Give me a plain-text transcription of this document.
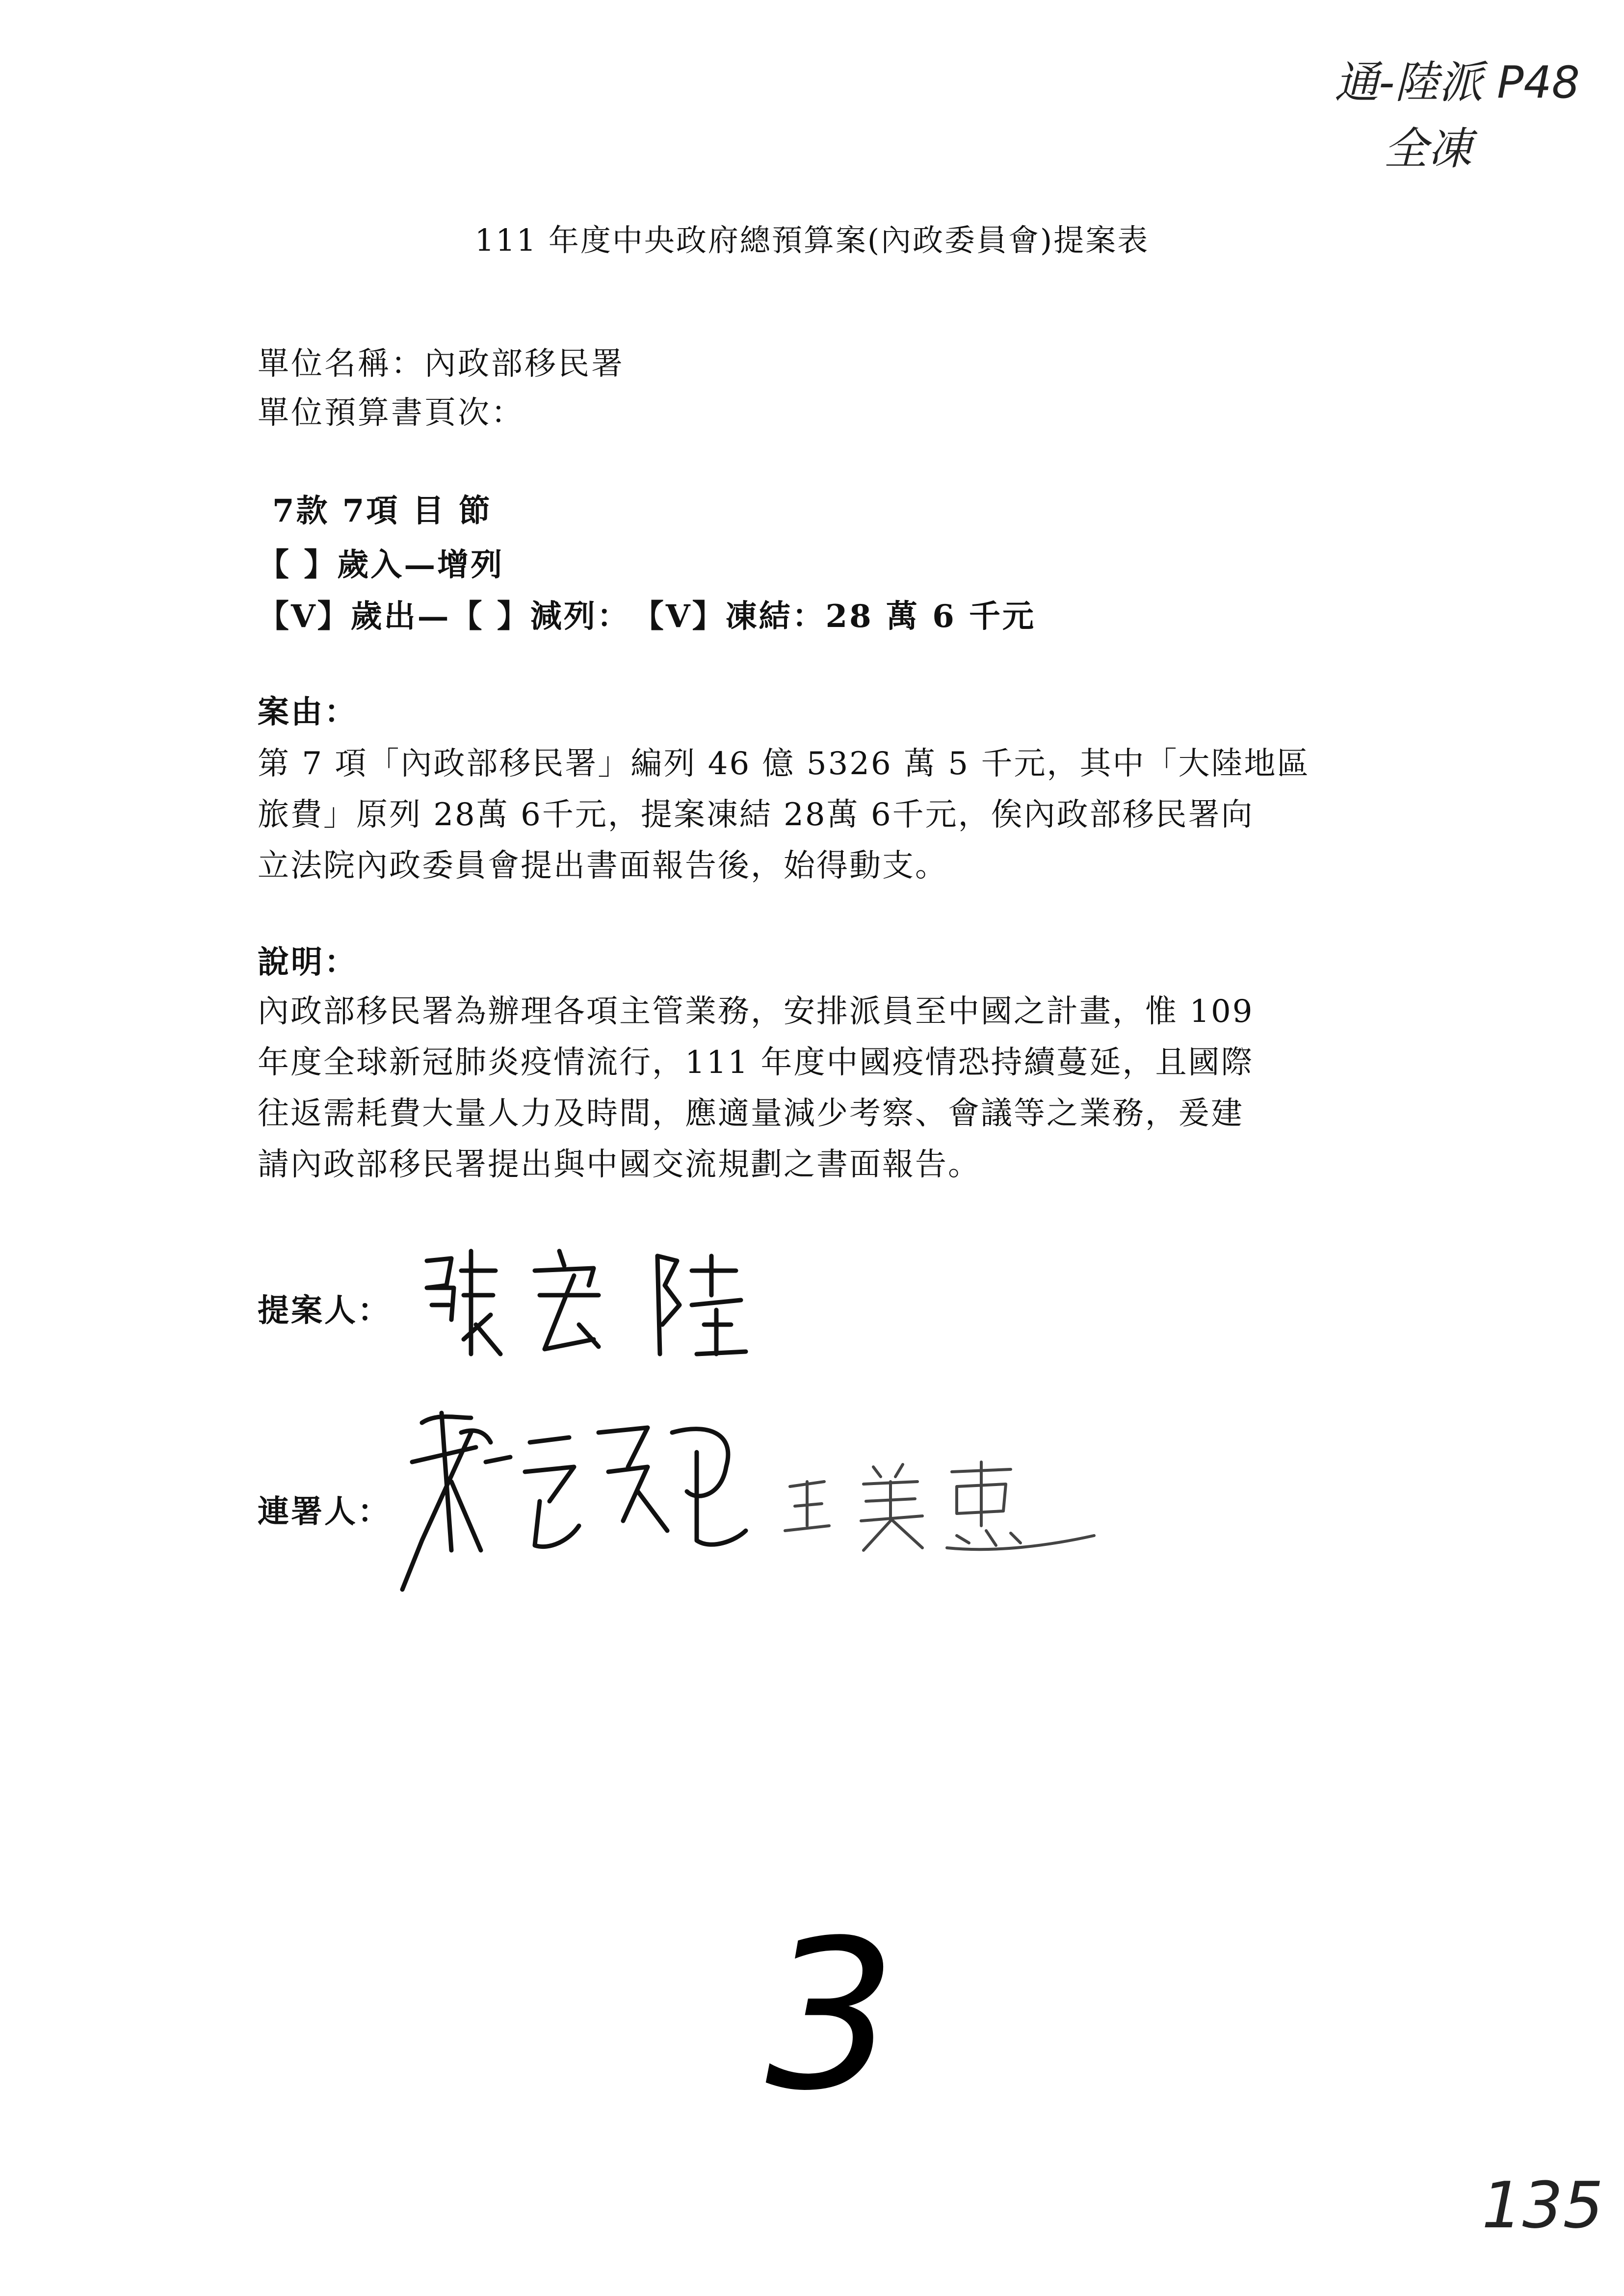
通-陸派 P48
全凍
111 年度中央政府總預算案(內政委員會)提案表
單位名稱：內政部移民署
單位預算書頁次：
7款 7項 目 節
【 】歲入—增列
【V】歲出—【 】減列：　【V】凍結：28 萬 6 千元
案由：
第 7 項「內政部移民署」編列 46 億 5326 萬 5 千元，其中「大陸地區
旅費」原列 28萬 6千元，提案凍結 28萬 6千元，俟內政部移民署向
立法院內政委員會提出書面報告後，始得動支。
說明：
內政部移民署為辦理各項主管業務，安排派員至中國之計畫，惟 109
年度全球新冠肺炎疫情流行，111 年度中國疫情恐持續蔓延，且國際
往返需耗費大量人力及時間，應適量減少考察、會議等之業務，爰建
請內政部移民署提出與中國交流規劃之書面報告。
提案人：
連署人：
3
135
